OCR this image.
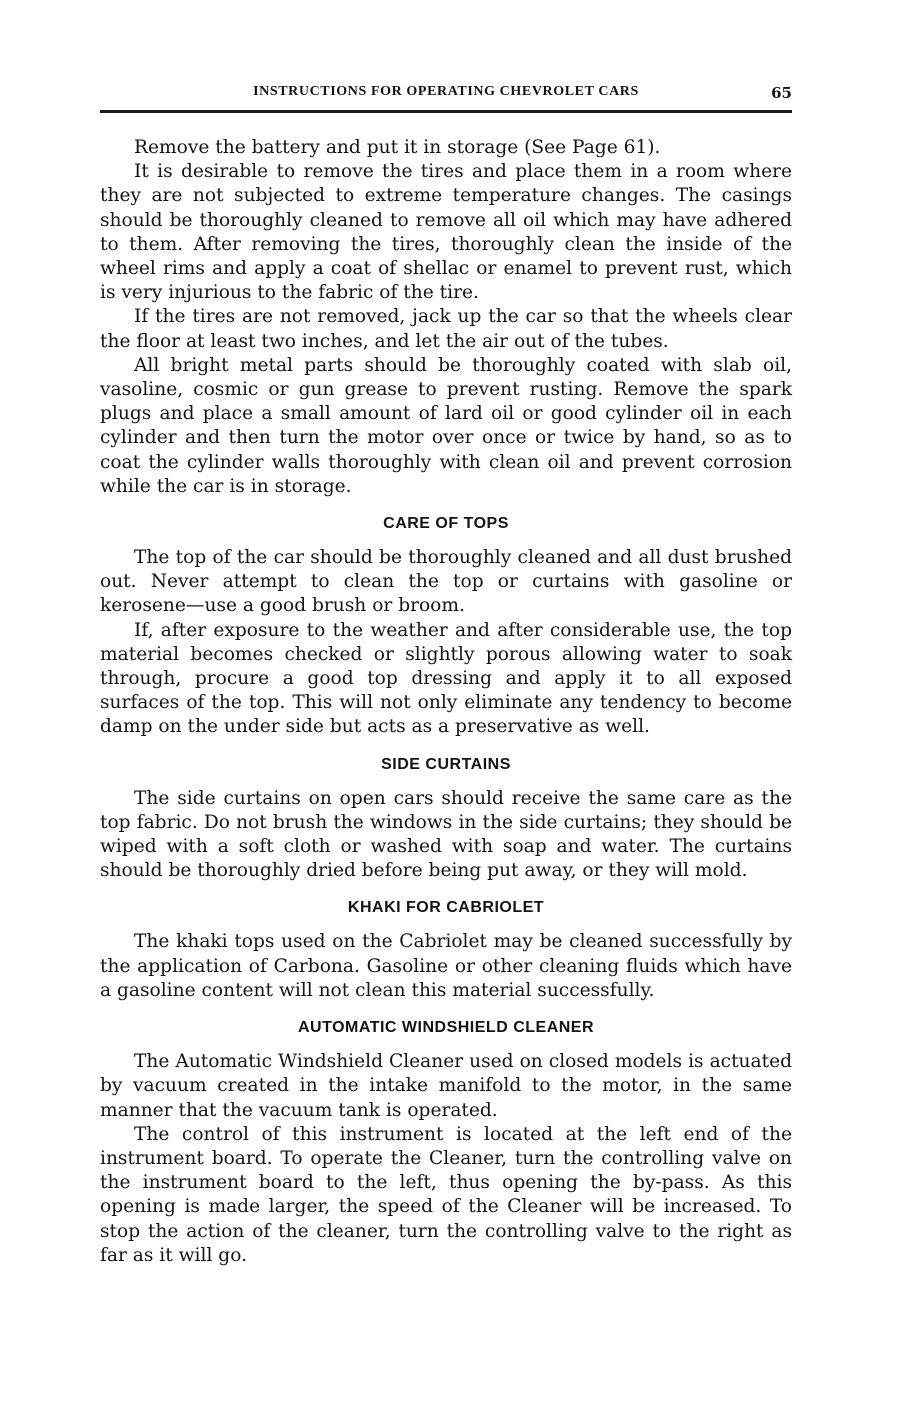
INSTRUCTIONS FOR OPERATING CHEVROLET CARS	65

Remove the battery and put it in storage (See Page 61).

It is desirable to remove the tires and place them in a room where they are not subjected to extreme temperature changes. The casings should be thoroughly cleaned to remove all oil which may have adhered to them. After removing the tires, thoroughly clean the inside of the wheel rims and apply a coat of shellac or enamel to prevent rust, which is very injurious to the fabric of the tire.

If the tires are not removed, jack up the car so that the wheels clear the floor at least two inches, and let the air out of the tubes.

All bright metal parts should be thoroughly coated with slab oil, vasoline, cosmic or gun grease to prevent rusting. Remove the spark plugs and place a small amount of lard oil or good cylinder oil in each cylinder and then turn the motor over once or twice by hand, so as to coat the cylinder walls thoroughly with clean oil and prevent corrosion while the car is in storage.

CARE OF TOPS

The top of the car should be thoroughly cleaned and all dust brushed out. Never attempt to clean the top or curtains with gasoline or kerosene—use a good brush or broom.

If, after exposure to the weather and after considerable use, the top material becomes checked or slightly porous allowing water to soak through, procure a good top dressing and apply it to all exposed surfaces of the top. This will not only eliminate any tendency to become damp on the under side but acts as a preservative as well.

SIDE CURTAINS

The side curtains on open cars should receive the same care as the top fabric. Do not brush the windows in the side curtains; they should be wiped with a soft cloth or washed with soap and water. The curtains should be thoroughly dried before being put away, or they will mold.

KHAKI FOR CABRIOLET

The khaki tops used on the Cabriolet may be cleaned successfully by the application of Carbona. Gasoline or other cleaning fluids which have a gasoline content will not clean this material successfully.

AUTOMATIC WINDSHIELD CLEANER

The Automatic Windshield Cleaner used on closed models is actuated by vacuum created in the intake manifold to the motor, in the same manner that the vacuum tank is operated.

The control of this instrument is located at the left end of the instrument board. To operate the Cleaner, turn the controlling valve on the instrument board to the left, thus opening the by-pass. As this opening is made larger, the speed of the Cleaner will be increased. To stop the action of the cleaner, turn the controlling valve to the right as far as it will go.
